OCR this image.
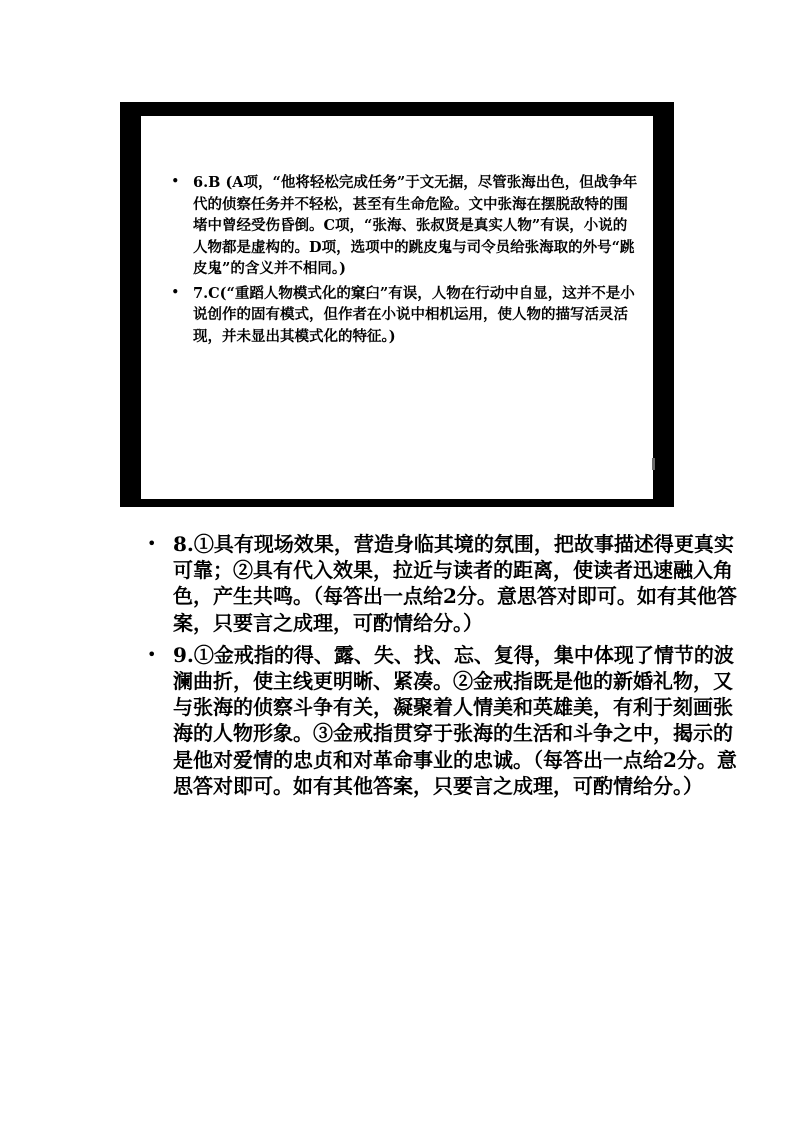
• 6.B (A项，“他将轻松完成任务”于文无据，尽管张海出色，但战争年代的侦察任务并不轻松，甚至有生命危险。文中张海在摆脱敌特的围堵中曾经受伤昏倒。C项，“张海、张叔贤是真实人物”有误，小说的人物都是虚构的。D项，选项中的跳皮鬼与司令员给张海取的外号“跳皮鬼”的含义并不相同。)
• 7.C(“重蹈人物模式化的窠臼”有误，人物在行动中自显，这并不是小说创作的固有模式，但作者在小说中相机运用，使人物的描写活灵活现，并未显出其模式化的特征。)
• 8.①具有现场效果，营造身临其境的氛围，把故事描述得更真实可靠；②具有代入效果，拉近与读者的距离，使读者迅速融入角色，产生共鸣。（每答出一点给2分。意思答对即可。如有其他答案，只要言之成理，可酌情给分。）
• 9.①金戒指的得、露、失、找、忘、复得，集中体现了情节的波澜曲折，使主线更明晰、紧凑。②金戒指既是他的新婚礼物，又与张海的侦察斗争有关，凝聚着人情美和英雄美，有利于刻画张海的人物形象。③金戒指贯穿于张海的生活和斗争之中，揭示的是他对爱情的忠贞和对革命事业的忠诚。（每答出一点给2分。意思答对即可。如有其他答案，只要言之成理，可酌情给分。）
